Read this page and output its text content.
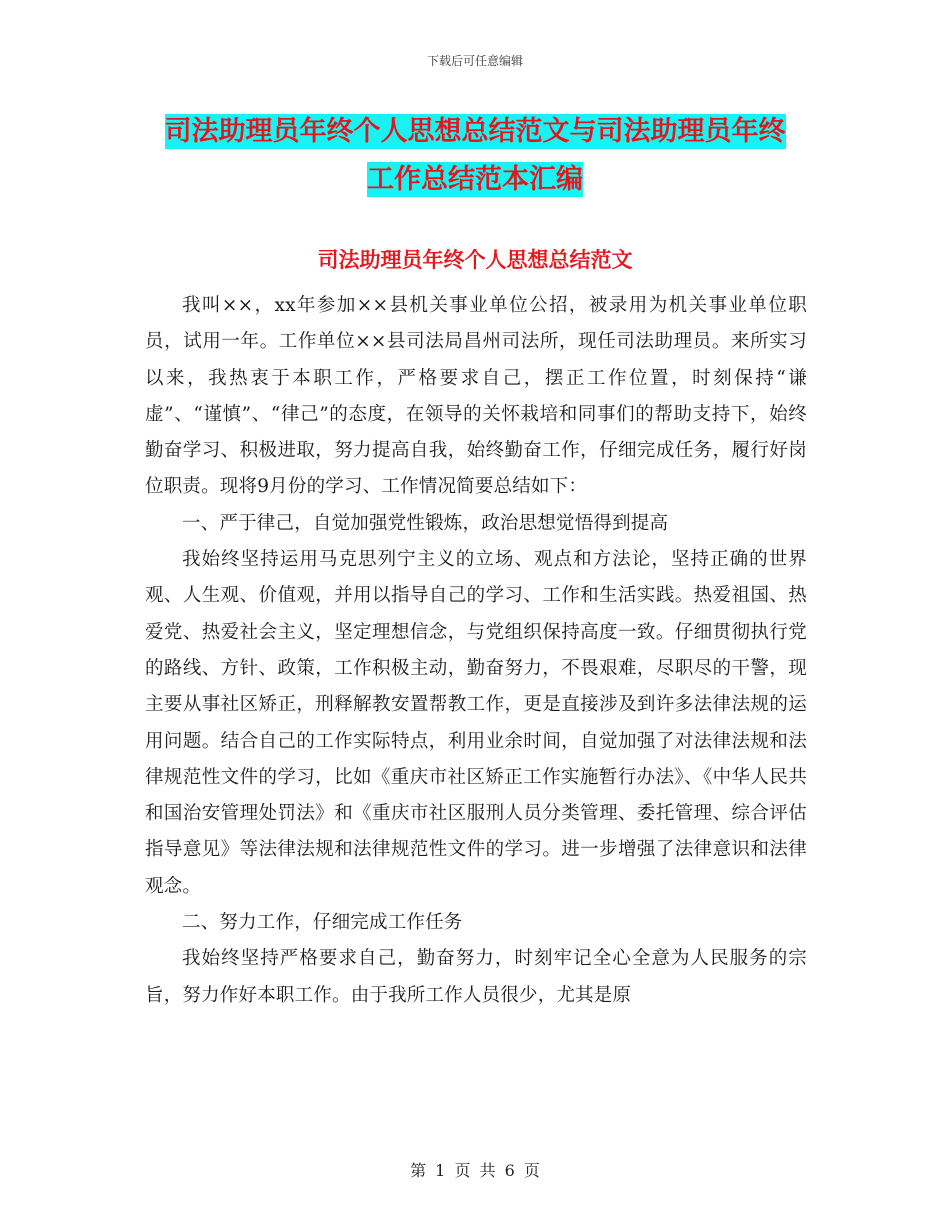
下载后可任意编辑
司法助理员年终个人思想总结范文与司法助理员年终
工作总结范本汇编
司法助理员年终个人思想总结范文

我叫××，xx年参加××县机关事业单位公招，被录用为机关事业单位职员，试用一年。工作单位××县司法局昌州司法所，现任司法助理员。来所实习以来，我热衷于本职工作，严格要求自己，摆正工作位置，时刻保持“谦虚”、“谨慎”、“律己”的态度，在领导的关怀栽培和同事们的帮助支持下，始终勤奋学习、积极进取，努力提高自我，始终勤奋工作，仔细完成任务，履行好岗位职责。现将9月份的学习、工作情况简要总结如下：

一、严于律己，自觉加强党性锻炼，政治思想觉悟得到提高

我始终坚持运用马克思列宁主义的立场、观点和方法论，坚持正确的世界观、人生观、价值观，并用以指导自己的学习、工作和生活实践。热爱祖国、热爱党、热爱社会主义，坚定理想信念，与党组织保持高度一致。仔细贯彻执行党的路线、方针、政策，工作积极主动，勤奋努力，不畏艰难，尽职尽的干警，现主要从事社区矫正，刑释解教安置帮教工作，更是直接涉及到许多法律法规的运用问题。结合自己的工作实际特点，利用业余时间，自觉加强了对法律法规和法律规范性文件的学习，比如《重庆市社区矫正工作实施暂行办法》、《中华人民共和国治安管理处罚法》和《重庆市社区服刑人员分类管理、委托管理、综合评估指导意见》等法律法规和法律规范性文件的学习。进一步增强了法律意识和法律观念。

二、努力工作，仔细完成工作任务

我始终坚持严格要求自己，勤奋努力，时刻牢记全心全意为人民服务的宗旨，努力作好本职工作。由于我所工作人员很少，尤其是原

第 1 页 共 6 页
